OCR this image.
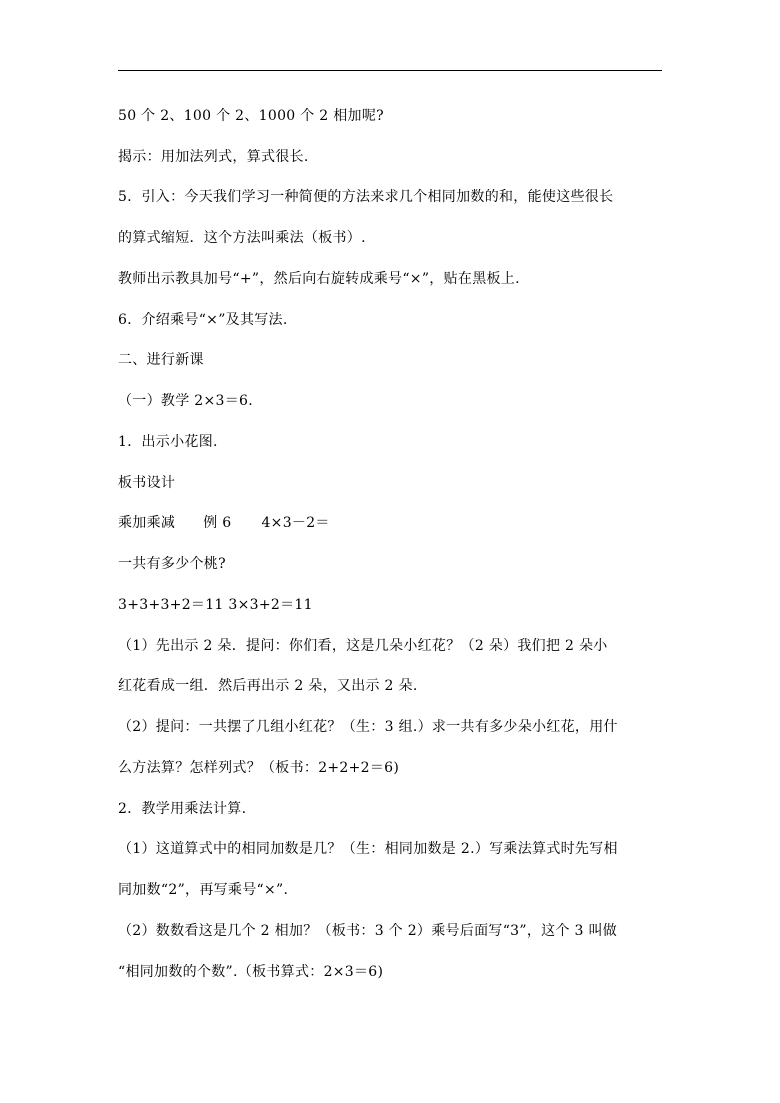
50 个 2、100 个 2、1000 个 2 相加呢?
揭示：用加法列式，算式很长.
5．引入：今天我们学习一种简便的方法来求几个相同加数的和，能使这些很长
的算式缩短．这个方法叫乘法（板书）.
教师出示教具加号“+”，然后向右旋转成乘号“×”，贴在黑板上.
6．介绍乘号“×”及其写法.
二、进行新课
（一）教学 2×3＝6.
1．出示小花图.
板书设计
乘加乘减 例 6 4×3－2＝
一共有多少个桃?
3+3+3+2＝11 3×3+2＝11
（1）先出示 2 朵．提问：你们看，这是几朵小红花？（2 朵）我们把 2 朵小
红花看成一组．然后再出示 2 朵，又出示 2 朵.
（2）提问：一共摆了几组小红花？（生：3 组.）求一共有多少朵小红花，用什
么方法算？怎样列式？（板书：2+2+2＝6)
2．教学用乘法计算.
（1）这道算式中的相同加数是几？（生：相同加数是 2.）写乘法算式时先写相
同加数“2”，再写乘号“×”.
（2）数数看这是几个 2 相加？（板书：3 个 2）乘号后面写“3”，这个 3 叫做
“相同加数的个数”.（板书算式：2×3＝6)
